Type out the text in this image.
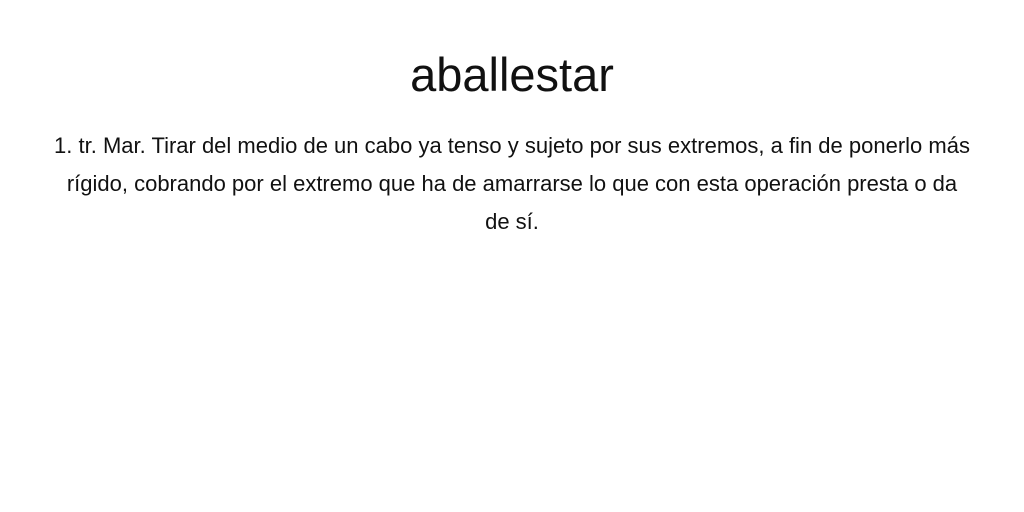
aballestar

1. tr. Mar. Tirar del medio de un cabo ya tenso y sujeto por sus extremos, a fin de ponerlo más rígido, cobrando por el extremo que ha de amarrarse lo que con esta operación presta o da de sí.
